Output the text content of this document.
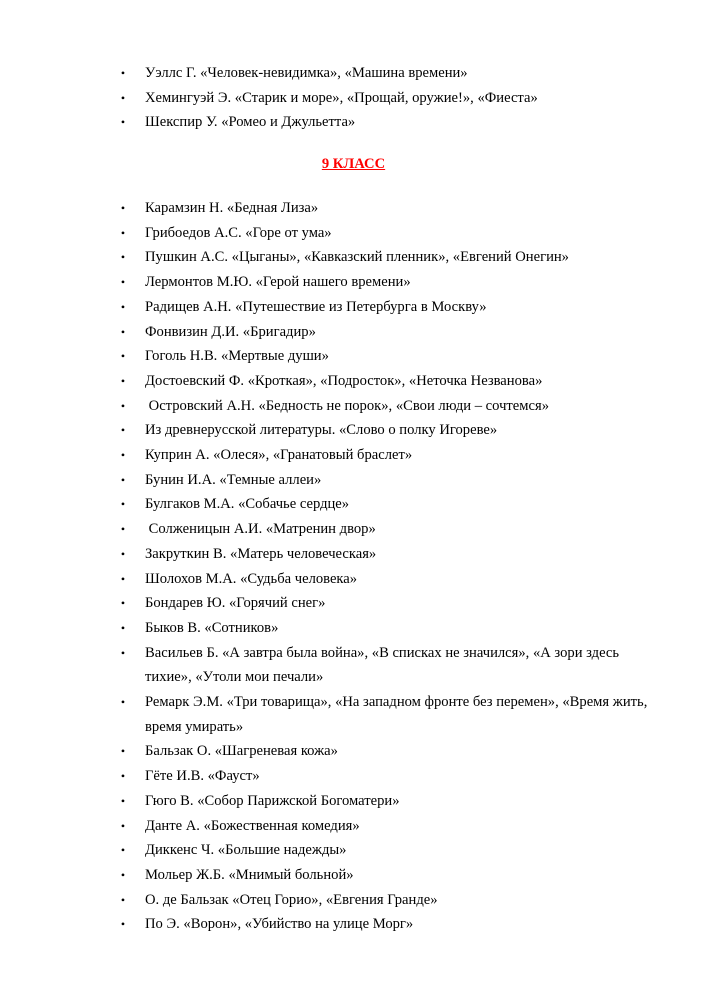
• Уэллс Г. «Человек-невидимка», «Машина времени»
• Хемингуэй Э. «Старик и море», «Прощай, оружие!», «Фиеста»
• Шекспир У. «Ромео и Джульетта»
9 КЛАСС
• Карамзин Н. «Бедная Лиза»
• Грибоедов А.С. «Горе от ума»
• Пушкин А.С. «Цыганы», «Кавказский пленник», «Евгений Онегин»
• Лермонтов М.Ю. «Герой нашего времени»
• Радищев А.Н. «Путешествие из Петербурга в Москву»
• Фонвизин Д.И. «Бригадир»
• Гоголь Н.В. «Мертвые души»
• Достоевский Ф. «Кроткая», «Подросток», «Неточка Незванова»
• Островский А.Н. «Бедность не порок», «Свои люди – сочтемся»
• Из древнерусской литературы. «Слово о полку Игореве»
• Куприн А. «Олеся», «Гранатовый браслет»
• Бунин И.А. «Темные аллеи»
• Булгаков М.А. «Собачье сердце»
• Солженицын А.И. «Матренин двор»
• Закруткин В. «Матерь человеческая»
• Шолохов М.А. «Судьба человека»
• Бондарев Ю. «Горячий снег»
• Быков В. «Сотников»
• Васильев Б. «А завтра была война», «В списках не значился», «А зори здесь тихие», «Утоли мои печали»
• Ремарк Э.М. «Три товарища», «На западном фронте без перемен», «Время жить, время умирать»
• Бальзак О. «Шагреневая кожа»
• Гёте И.В. «Фауст»
• Гюго В. «Собор Парижской Богоматери»
• Данте А. «Божественная комедия»
• Диккенс Ч. «Большие надежды»
• Мольер Ж.Б. «Мнимый больной»
• О. де Бальзак «Отец Горио», «Евгения Гранде»
• По Э. «Ворон», «Убийство на улице Морг»
